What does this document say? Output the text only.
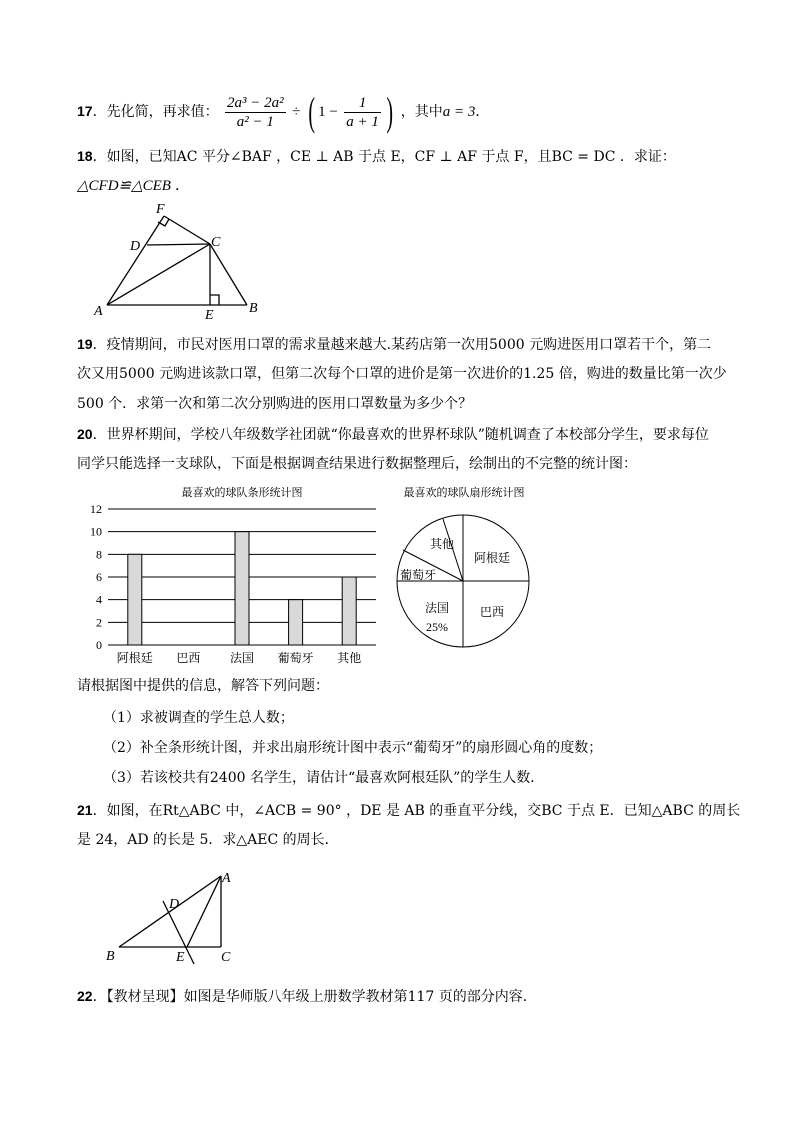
17．先化简，再求值： $\frac{\text{2a³ − 2a²}}{\text{a² − 1}}$ ÷ ( $1 - \frac{1}{a + 1}$ ) ，其中a = 3．
18．如图，已知AC 平分∠BAF ，CE ⊥ AB 于点 E，CF ⊥ AF 于点 F，且BC = DC ．求证：
△CFD≌△CEB ．
F
D	C
A	E	B
19．疫情期间，市民对医用口罩的需求量越来越大.某药店第一次用5000 元购进医用口罩若干个，第二
次又用5000 元购进该款口罩，但第二次每个口罩的进价是第一次进价的1.25 倍，购进的数量比第一次少
500 个．求第一次和第二次分别购进的医用口罩数量为多少个？
20．世界杯期间，学校八年级数学社团就“你最喜欢的世界杯球队”随机调查了本校部分学生，要求每位
同学只能选择一支球队，下面是根据调查结果进行数据整理后，绘制出的不完整的统计图：
最喜欢的球队条形统计图
0
2
4
6
8
10
12
阿根廷 巴西 法国 葡萄牙 其他
最喜欢的球队扇形统计图
其他
阿根廷
巴西
法国
25%
葡萄牙
请根据图中提供的信息，解答下列问题：
（1）求被调查的学生总人数；
（2）补全条形统计图，并求出扇形统计图中表示“葡萄牙”的扇形圆心角的度数；
（3）若该校共有2400 名学生，请估计“最喜欢阿根廷队”的学生人数．
21．如图，在Rt△ABC 中，∠ACB = 90° ，DE 是 AB 的垂直平分线，交BC 于点 E．已知△ABC 的周长
是 24，AD 的长是 5．求△AEC 的周长．
A
D
B	E	C
22．【教材呈现】如图是华师版八年级上册数学教材第117 页的部分内容．
